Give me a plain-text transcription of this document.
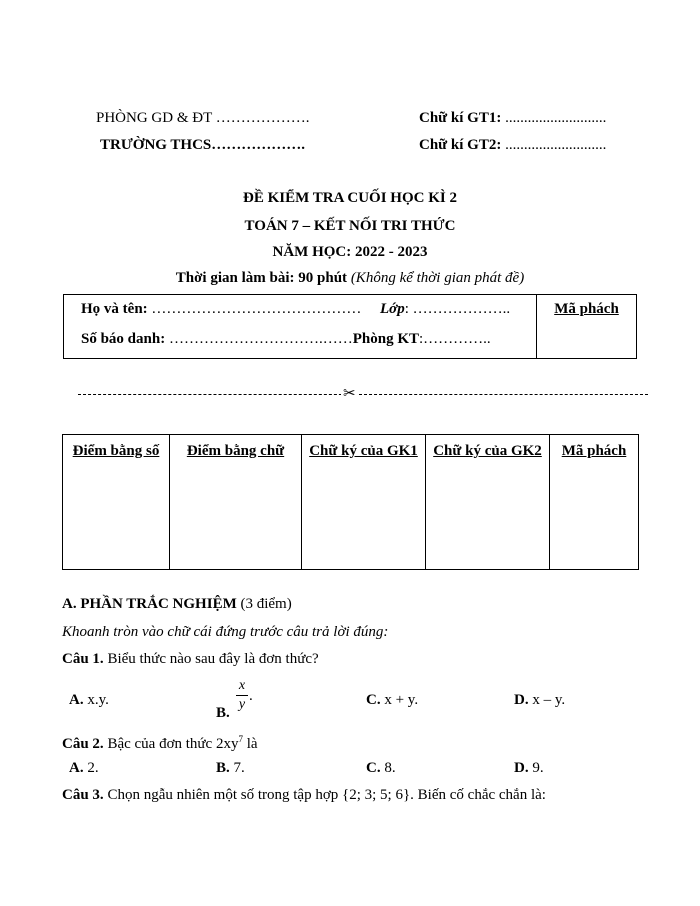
PHÒNG GD & ĐT ……………….
TRƯỜNG THCS……………….
Chữ kí GT1: ...........................
Chữ kí GT2: ...........................
ĐỀ KIỂM TRA CUỐI HỌC KÌ 2
TOÁN 7 – KẾT NỐI TRI THỨC
NĂM HỌC: 2022 - 2023
Thời gian làm bài: 90 phút (Không kể thời gian phát đề)
Họ và tên: …………………………………… Lớp: ………………..
Số báo danh: ………………………….……Phòng KT:…………..
	Mã phách
✂
Điểm bằng số	Điểm bằng chữ	Chữ ký của GK1	Chữ ký của GK2	Mã phách
A. PHẦN TRẮC NGHIỆM (3 điểm)
Khoanh tròn vào chữ cái đứng trước câu trả lời đúng:
Câu 1. Biểu thức nào sau đây là đơn thức?
A. x.y.
B.
x
y
.	C. x + y.	D. x – y.
Câu 2. Bậc của đơn thức $2xy^7$ là
A. 2.	B. 7.	C. 8.	D. 9.
Câu 3. Chọn ngẫu nhiên một số trong tập hợp {2; 3; 5; 6}. Biến cố chắc chắn là:
